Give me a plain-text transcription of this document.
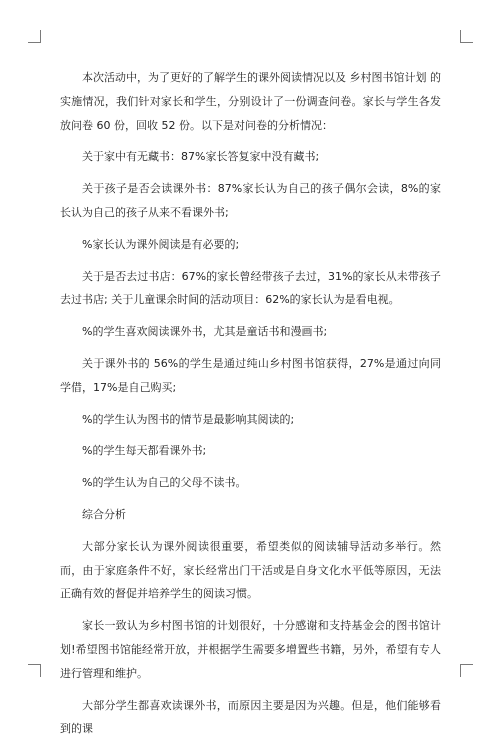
本次活动中，为了更好的了解学生的课外阅读情况以及 乡村图书馆计划 的实施情况，我们针对家长和学生，分别设计了一份调查问卷。家长与学生各发放问卷 60 份，回收 52 份。以下是对问卷的分析情况：

关于家中有无藏书：87%家长答复家中没有藏书;

关于孩子是否会读课外书：87%家长认为自己的孩子偶尔会读，8%的家长认为自己的孩子从来不看课外书;

%家长认为课外阅读是有必要的;

关于是否去过书店：67%的家长曾经带孩子去过，31%的家长从未带孩子去过书店; 关于儿童课余时间的活动项目：62%的家长认为是看电视。

%的学生喜欢阅读课外书，尤其是童话书和漫画书;

关于课外书的 56%的学生是通过纯山乡村图书馆获得，27%是通过向同学借，17%是自己购买;

%的学生认为图书的情节是最影响其阅读的;

%的学生每天都看课外书;

%的学生认为自己的父母不读书。

综合分析

大部分家长认为课外阅读很重要，希望类似的阅读辅导活动多举行。然而，由于家庭条件不好，家长经常出门干活或是自身文化水平低等原因，无法正确有效的督促并培养学生的阅读习惯。

家长一致认为乡村图书馆的计划很好，十分感谢和支持基金会的图书馆计划!希望图书馆能经常开放，并根据学生需要多增置些书籍，另外，希望有专人进行管理和维护。

大部分学生都喜欢读课外书，而原因主要是因为兴趣。但是，他们能够看到的课
